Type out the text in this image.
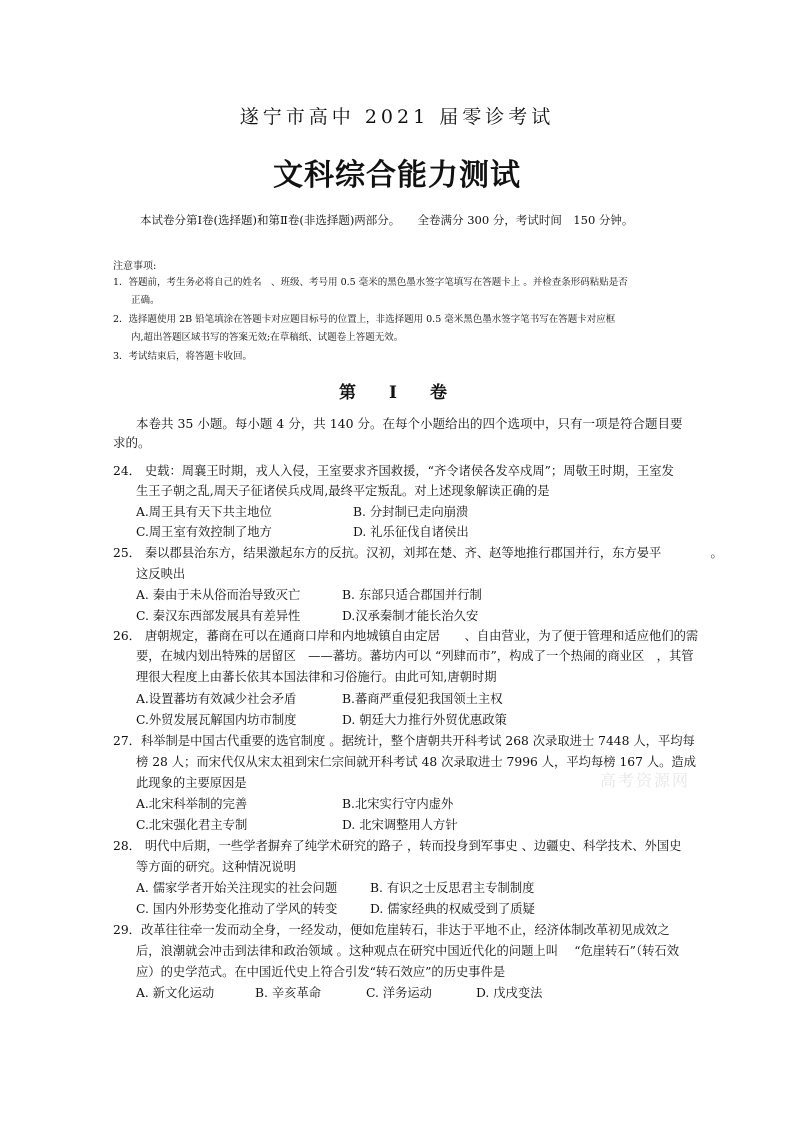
遂宁市高中 2021 届零诊考试
文科综合能力测试
本试卷分第Ⅰ卷(选择题)和第Ⅱ卷(非选择题)两部分。　　全卷满分 300 分，考试时间　150 分钟。
注意事项:
1．答题前，考生务必将自己的姓名　、班级、考号用 0.5 毫米的黑色墨水签字笔填写在答题卡上 。并检查条形码粘贴是否
正确。
2．选择题使用 2B 铅笔填涂在答题卡对应题目标号的位置上，非选择题用 0.5 毫米黑色墨水签字笔书写在答题卡对应框
内,超出答题区域书写的答案无效;在草稿纸、试题卷上答题无效。
3．考试结束后，将答题卡收回。
第　Ⅰ　卷
本卷共 35 小题。每小题 4 分，共 140 分。在每个小题给出的四个选项中，只有一项是符合题目要
求的。
24． 史载：周襄王时期，戎人入侵，王室要求齐国救援，“齐令诸侯各发卒戍周”；周敬王时期，王室发
生王子朝之乱,周天子征诸侯兵戍周,最终平定叛乱。对上述现象解读正确的是
A.周王具有天下共主地位	B. 分封制已走向崩溃
C.周王室有效控制了地方	D. 礼乐征伐自诸侯出
25． 秦以郡县治东方，结果激起东方的反抗。汉初，刘邦在楚、齐、赵等地推行郡国并行，东方晏平　　　　。
这反映出
A. 秦由于未从俗而治导致灭亡	B. 东部只适合郡国并行制
C. 秦汉东西部发展具有差异性	D.汉承秦制才能长治久安
26． 唐朝规定，蕃商在可以在通商口岸和内地城镇自由定居　　、自由营业，为了便于管理和适应他们的需
要，在城内划出特殊的居留区　——蕃坊。蕃坊内可以 “列肆而市”，构成了一个热闹的商业区　，其管
理很大程度上由蕃长依其本国法律和习俗施行。由此可知,唐朝时期
A.设置蕃坊有效减少社会矛盾	B.蕃商严重侵犯我国领土主权
C.外贸发展瓦解国内坊市制度	D. 朝廷大力推行外贸优惠政策
27．科举制是中国古代重要的选官制度 。据统计，整个唐朝共开科考试 268 次录取进士 7448 人，平均每
榜 28 人；而宋代仅从宋太祖到宋仁宗间就开科考试 48 次录取进士 7996 人，平均每榜 167 人。造成
此现象的主要原因是
A.北宋科举制的完善	B.北宋实行守内虚外
C.北宋强化君主专制	D. 北宋调整用人方针
28． 明代中后期，一些学者摒弃了纯学术研究的路子 ，转而投身到军事史 、边疆史、科学技术、外国史
等方面的研究。这种情况说明
A. 儒家学者开始关注现实的社会问题	B. 有识之士反思君主专制制度
C. 国内外形势变化推动了学风的转变	D. 儒家经典的权威受到了质疑
29．改革往往牵一发而动全身，一经发动，便如危崖转石，非达于平地不止，经济体制改革初见成效之
后，浪潮就会冲击到法律和政治领域 。这种观点在研究中国近代化的问题上叫　 “危崖转石”（转石效
应）的史学范式。在中国近代史上符合引发“转石效应”的历史事件是
A. 新文化运动	B. 辛亥革命	C. 洋务运动	D. 戊戌变法
高考资源网
